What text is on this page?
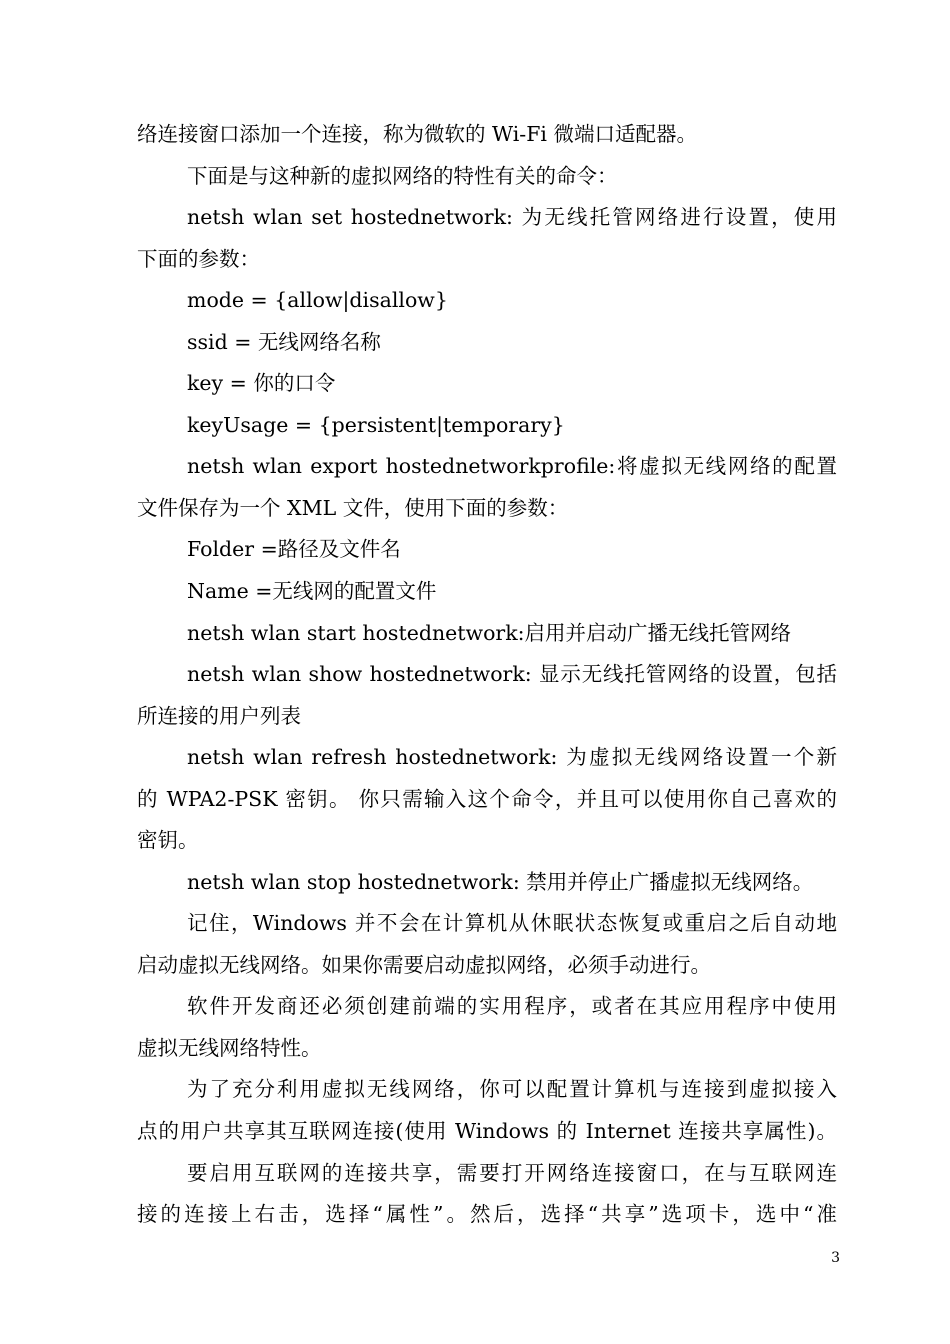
络连接窗口添加一个连接，称为微软的 Wi-Fi 微端口适配器。
下面是与这种新的虚拟网络的特性有关的命令：
netsh wlan set hostednetwork: 为无线托管网络进行设置，使用
下面的参数：
mode = {allow|disallow}
ssid = 无线网络名称
key = 你的口令
keyUsage = {persistent|temporary}
netsh wlan export hostednetworkprofile:将虚拟无线网络的配置
文件保存为一个 XML 文件，使用下面的参数：
Folder =路径及文件名
Name =无线网的配置文件
netsh wlan start hostednetwork:启用并启动广播无线托管网络
netsh wlan show hostednetwork: 显示无线托管网络的设置，包括
所连接的用户列表
netsh wlan refresh hostednetwork: 为虚拟无线网络设置一个新
的 WPA2-PSK 密钥。 你只需输入这个命令，并且可以使用你自己喜欢的
密钥。
netsh wlan stop hostednetwork: 禁用并停止广播虚拟无线网络。
记住，Windows 并不会在计算机从休眠状态恢复或重启之后自动地
启动虚拟无线网络。如果你需要启动虚拟网络，必须手动进行。
软件开发商还必须创建前端的实用程序，或者在其应用程序中使用
虚拟无线网络特性。
为了充分利用虚拟无线网络，你可以配置计算机与连接到虚拟接入
点的用户共享其互联网连接(使用 Windows 的 Internet 连接共享属性)。
要启用互联网的连接共享，需要打开网络连接窗口，在与互联网连
接的连接上右击，选择“属性”。然后，选择“共享”选项卡，选中“准
3
